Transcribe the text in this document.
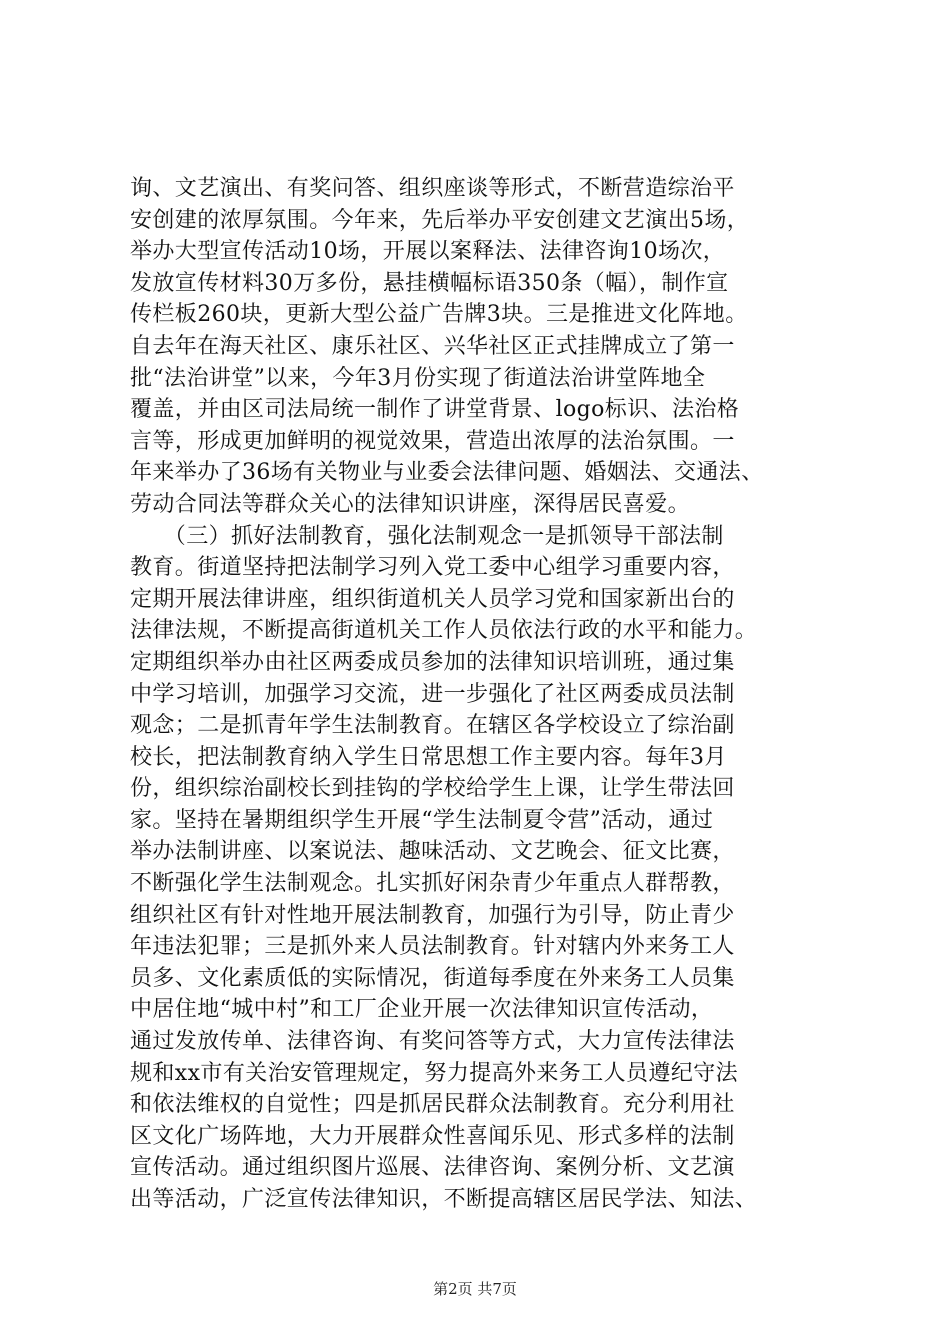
询、文艺演出、有奖问答、组织座谈等形式，不断营造综治平
安创建的浓厚氛围。今年来，先后举办平安创建文艺演出5场，
举办大型宣传活动10场，开展以案释法、法律咨询10场次，
发放宣传材料30万多份，悬挂横幅标语350条（幅），制作宣
传栏板260块，更新大型公益广告牌3块。三是推进文化阵地。
自去年在海天社区、康乐社区、兴华社区正式挂牌成立了第一
批“法治讲堂”以来，今年3月份实现了街道法治讲堂阵地全
覆盖，并由区司法局统一制作了讲堂背景、logo标识、法治格
言等，形成更加鲜明的视觉效果，营造出浓厚的法治氛围。一
年来举办了36场有关物业与业委会法律问题、婚姻法、交通法、
劳动合同法等群众关心的法律知识讲座，深得居民喜爱。
　　（三）抓好法制教育，强化法制观念一是抓领导干部法制
教育。街道坚持把法制学习列入党工委中心组学习重要内容，
定期开展法律讲座，组织街道机关人员学习党和国家新出台的
法律法规，不断提高街道机关工作人员依法行政的水平和能力。
定期组织举办由社区两委成员参加的法律知识培训班，通过集
中学习培训，加强学习交流，进一步强化了社区两委成员法制
观念；二是抓青年学生法制教育。在辖区各学校设立了综治副
校长，把法制教育纳入学生日常思想工作主要内容。每年3月
份，组织综治副校长到挂钩的学校给学生上课，让学生带法回
家。坚持在暑期组织学生开展“学生法制夏令营”活动，通过
举办法制讲座、以案说法、趣味活动、文艺晚会、征文比赛，
不断强化学生法制观念。扎实抓好闲杂青少年重点人群帮教，
组织社区有针对性地开展法制教育，加强行为引导，防止青少
年违法犯罪；三是抓外来人员法制教育。针对辖内外来务工人
员多、文化素质低的实际情况，街道每季度在外来务工人员集
中居住地“城中村”和工厂企业开展一次法律知识宣传活动，
通过发放传单、法律咨询、有奖问答等方式，大力宣传法律法
规和xx市有关治安管理规定，努力提高外来务工人员遵纪守法
和依法维权的自觉性；四是抓居民群众法制教育。充分利用社
区文化广场阵地，大力开展群众性喜闻乐见、形式多样的法制
宣传活动。通过组织图片巡展、法律咨询、案例分析、文艺演
出等活动，广泛宣传法律知识，不断提高辖区居民学法、知法、
第2页 共7页
